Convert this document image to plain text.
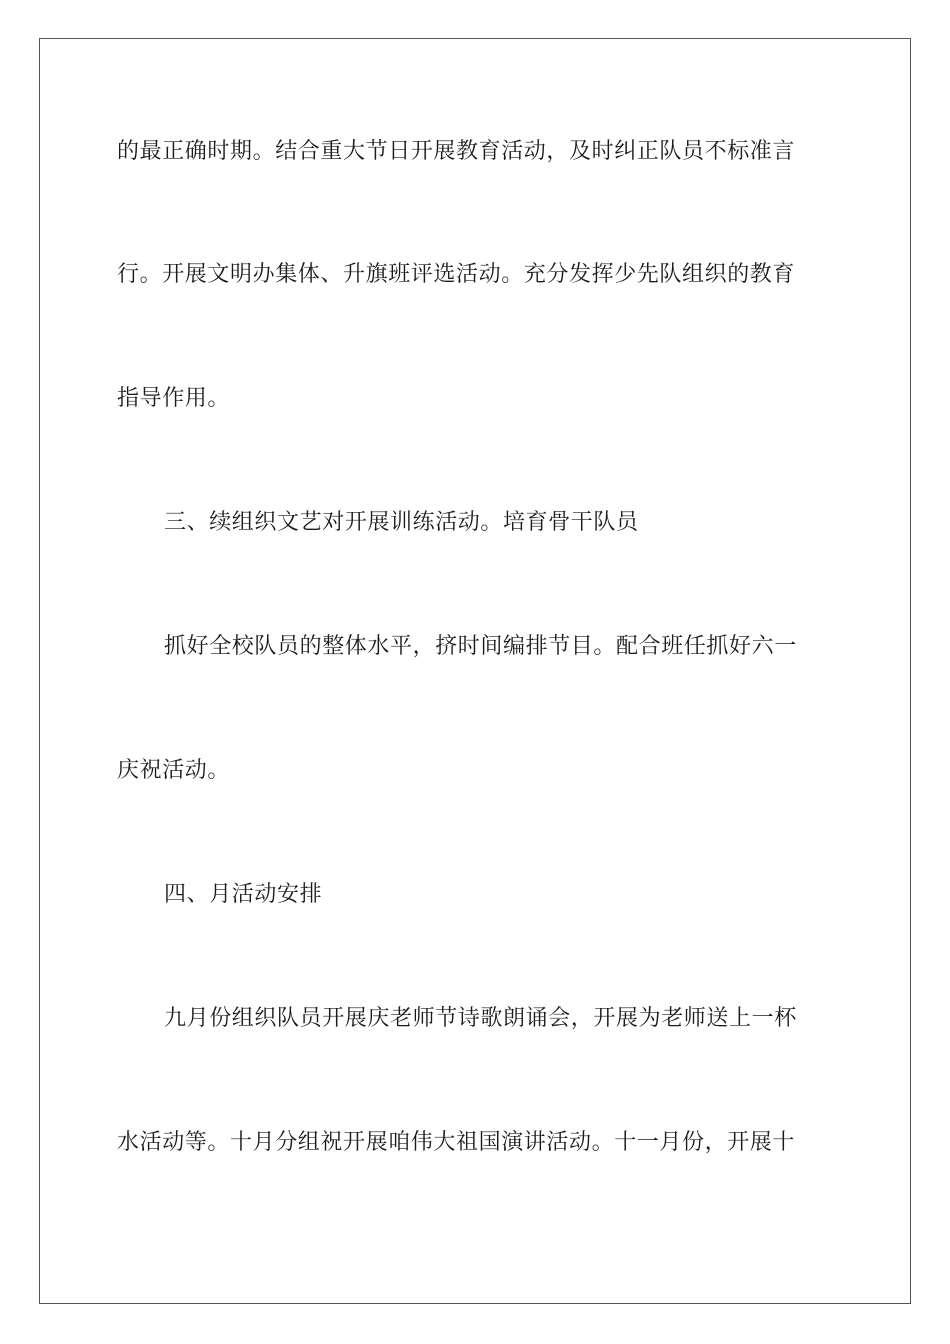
的最正确时期。结合重大节日开展教育活动，及时纠正队员不标准言
行。开展文明办集体、升旗班评选活动。充分发挥少先队组织的教育
指导作用。
三、续组织文艺对开展训练活动。培育骨干队员
抓好全校队员的整体水平，挤时间编排节目。配合班任抓好六一
庆祝活动。
四、月活动安排
九月份组织队员开展庆老师节诗歌朗诵会，开展为老师送上一杯
水活动等。十月分组祝开展咱伟大祖国演讲活动。十一月份，开展十
